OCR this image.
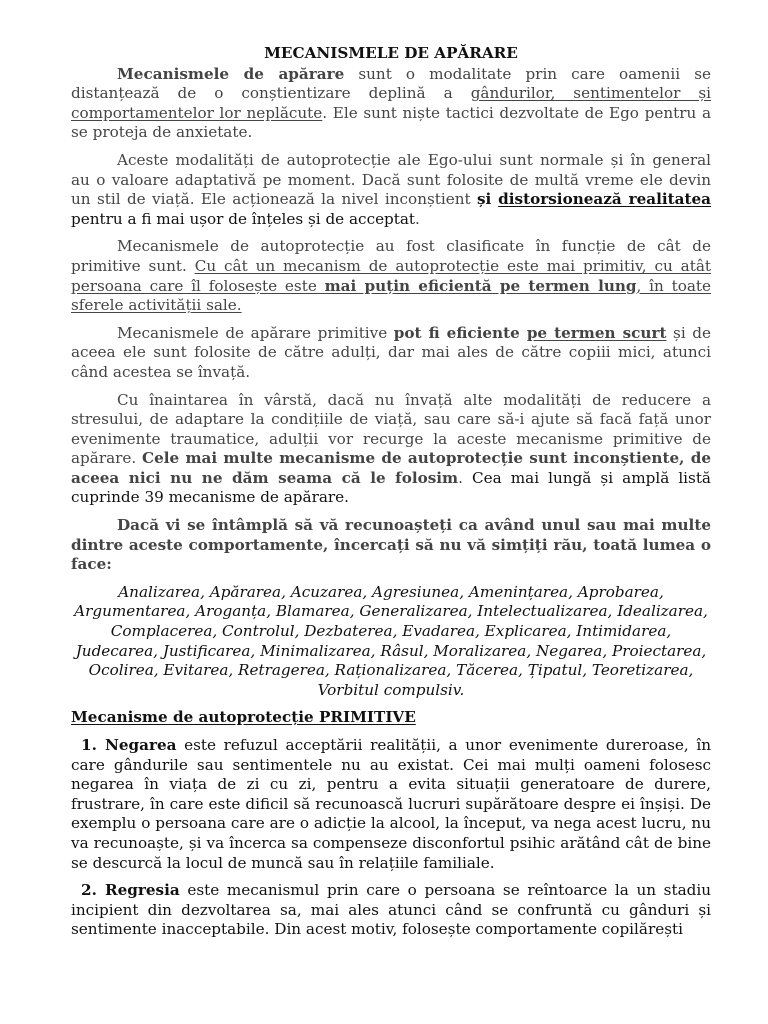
MECANISMELE DE APĂRARE

Mecanismele de apărare sunt o modalitate prin care oamenii se distanțează de o conștientizare deplină a gândurilor, sentimentelor și comportamentelor lor neplăcute. Ele sunt niște tactici dezvoltate de Ego pentru a se proteja de anxietate.

Aceste modalități de autoprotecție ale Ego-ului sunt normale și în general au o valoare adaptativă pe moment. Dacă sunt folosite de multă vreme ele devin un stil de viață. Ele acționează la nivel inconștient și distorsionează realitatea pentru a fi mai ușor de înțeles și de acceptat.

Mecanismele de autoprotecție au fost clasificate în funcție de cât de primitive sunt. Cu cât un mecanism de autoprotecție este mai primitiv, cu atât persoana care îl folosește este mai puțin eficientă pe termen lung, în toate sferele activității sale.

Mecanismele de apărare primitive pot fi eficiente pe termen scurt și de aceea ele sunt folosite de către adulți, dar mai ales de către copiii mici, atunci când acestea se învață.

Cu înaintarea în vârstă, dacă nu învață alte modalități de reducere a stresului, de adaptare la condițiile de viață, sau care să-i ajute să facă față unor evenimente traumatice, adulții vor recurge la aceste mecanisme primitive de apărare. Cele mai multe mecanisme de autoprotecție sunt inconștiente, de aceea nici nu ne dăm seama că le folosim. Cea mai lungă și amplă listă cuprinde 39 mecanisme de apărare.

Dacă vi se întâmplă să vă recunoașteți ca având unul sau mai multe dintre aceste comportamente, încercați să nu vă simțiți rău, toată lumea o face:

Analizarea, Apărarea, Acuzarea, Agresiunea, Amenințarea, Aprobarea, Argumentarea, Aroganța, Blamarea, Generalizarea, Intelectualizarea, Idealizarea, Complacerea, Controlul, Dezbaterea, Evadarea, Explicarea, Intimidarea, Judecarea, Justificarea, Minimalizarea, Râsul, Moralizarea, Negarea, Proiectarea, Ocolirea, Evitarea, Retragerea, Raționalizarea, Tăcerea, Țipatul, Teoretizarea, Vorbitul compulsiv.
Mecanisme de autoprotecție PRIMITIVE

1. Negarea este refuzul acceptării realității, a unor evenimente dureroase, în care gândurile sau sentimentele nu au existat. Cei mai mulți oameni folosesc negarea în viața de zi cu zi, pentru a evita situații generatoare de durere, frustrare, în care este dificil să recunoască lucruri supărătoare despre ei înșiși. De exemplu o persoana care are o adicție la alcool, la început, va nega acest lucru, nu va recunoaște, și va încerca sa compenseze disconfortul psihic arătând cât de bine se descurcă la locul de muncă sau în relațiile familiale.

2. Regresia este mecanismul prin care o persoana se reîntoarce la un stadiu incipient din dezvoltarea sa, mai ales atunci când se confruntă cu gânduri și sentimente inacceptabile. Din acest motiv, folosește comportamente copilărești
